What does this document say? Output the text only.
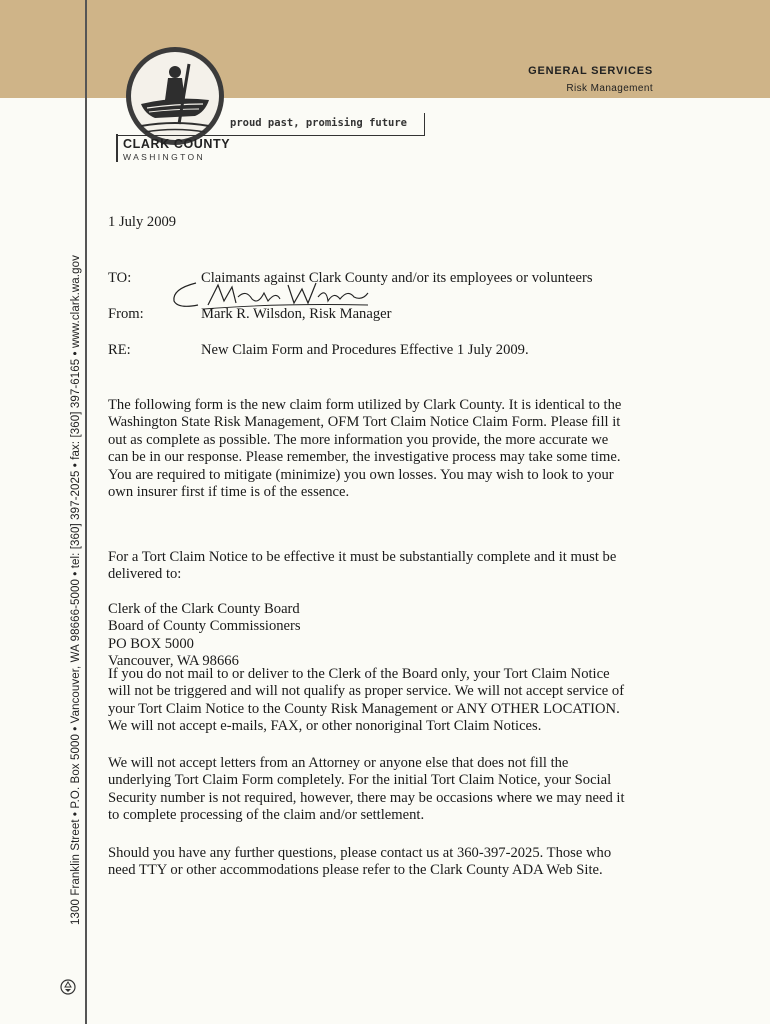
1300 Franklin Street • P.O. Box 5000 • Vancouver, WA 98666-5000 • tel: [360] 397-2025 • fax: [360] 397-6165 • www.clark.wa.gov
proud past, promising future
CLARK COUNTY
WASHINGTON
GENERAL SERVICES
Risk Management
1 July 2009
TO:	Claimants against Clark County and/or its employees or volunteers
From:	Mark R. Wilsdon, Risk Manager
RE:	New Claim Form and Procedures Effective 1 July 2009.
The following form is the new claim form utilized by Clark County. It is identical to the
Washington State Risk Management, OFM Tort Claim Notice Claim Form. Please fill it
out as complete as possible. The more information you provide, the more accurate we
can be in our response. Please remember, the investigative process may take some time.
You are required to mitigate (minimize) you own losses. You may wish to look to your
own insurer first if time is of the essence.
For a Tort Claim Notice to be effective it must be substantially complete and it must be
delivered to:
Clerk of the Clark County Board
Board of County Commissioners
PO BOX 5000
Vancouver, WA 98666
If you do not mail to or deliver to the Clerk of the Board only, your Tort Claim Notice
will not be triggered and will not qualify as proper service. We will not accept service of
your Tort Claim Notice to the County Risk Management or ANY OTHER LOCATION.
We will not accept e-mails, FAX, or other nonoriginal Tort Claim Notices.
We will not accept letters from an Attorney or anyone else that does not fill the
underlying Tort Claim Form completely. For the initial Tort Claim Notice, your Social
Security number is not required, however, there may be occasions where we may need it
to complete processing of the claim and/or settlement.
Should you have any further questions, please contact us at 360-397-2025. Those who
need TTY or other accommodations please refer to the Clark County ADA Web Site.
